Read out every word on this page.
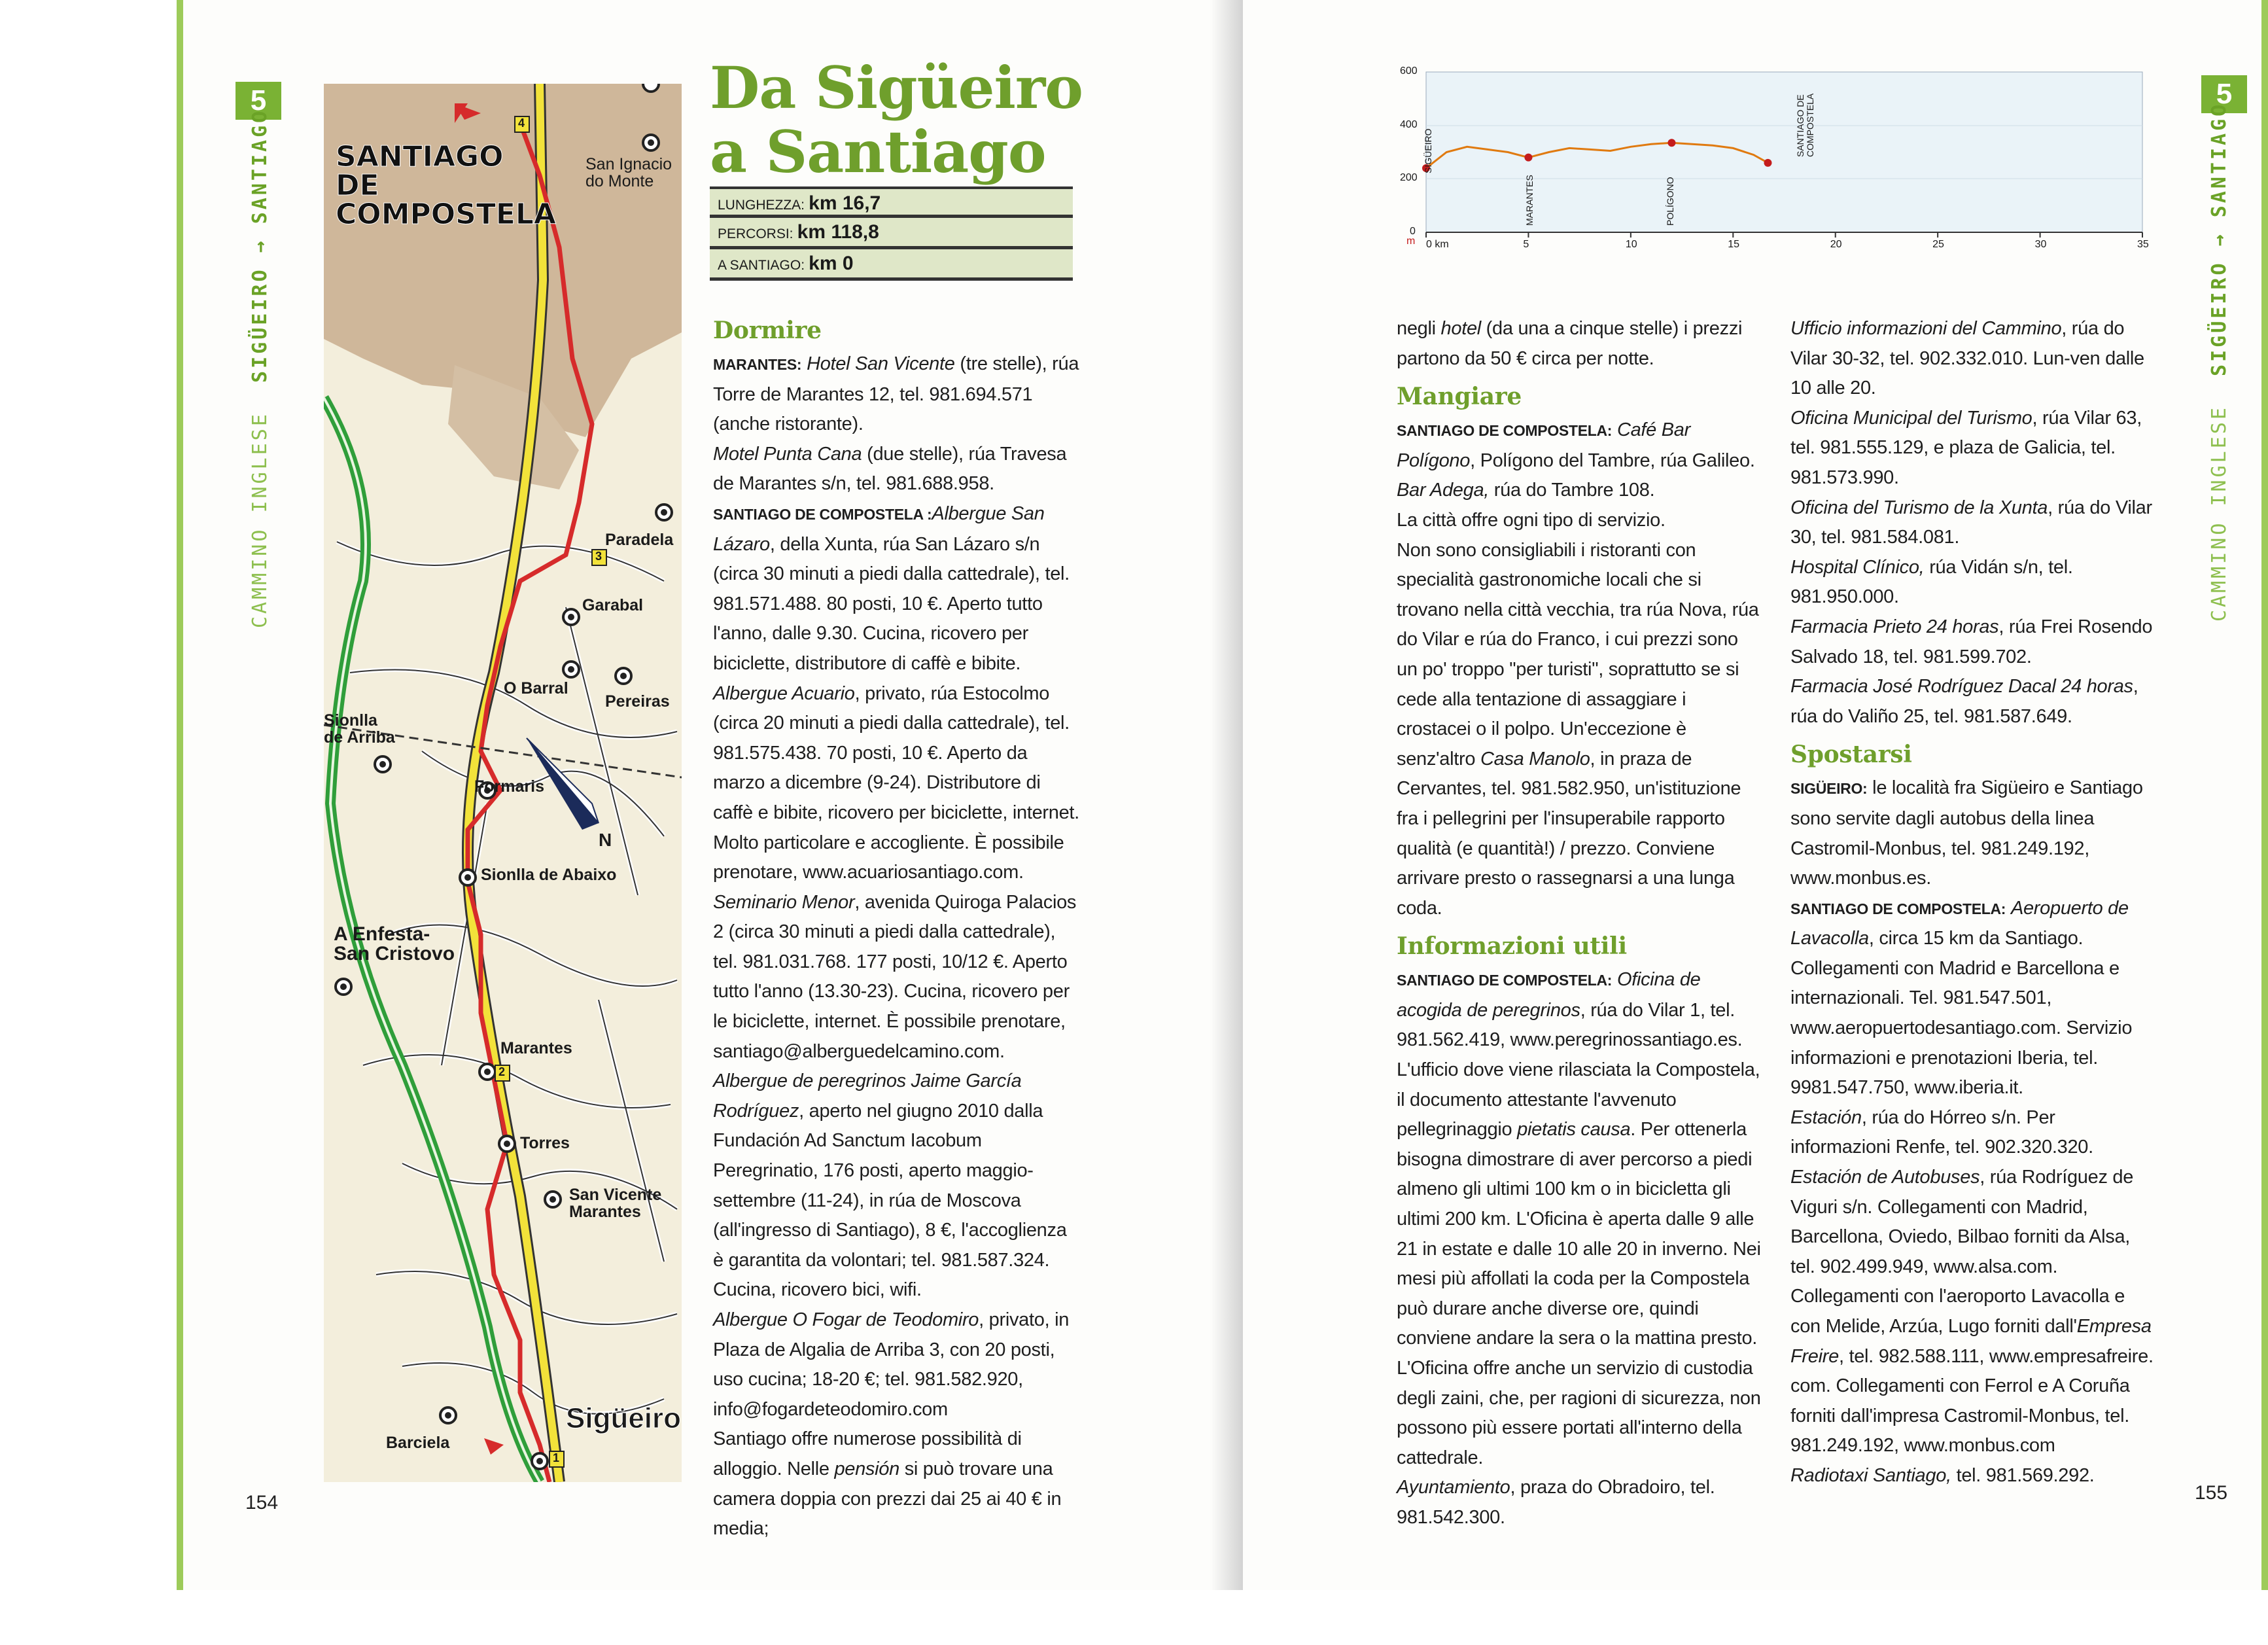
5
CAMMINO INGLESE  SIGÜEIRO → SANTIAGO SANTIAGO DE COMPOSTELA
San Ignacio do Monte
Paradela
Garabal
O Barral
Pereiras
Sionlla de Arriba
Formaris
Sionlla de Abaixo
A Enfesta- San Cristovo
Marantes
Torres
San Vicente Marantes
Barciela
Sigüeiro
N
4
3
2
1
154
Da Sigüeiro
a Santiago
LUNGHEZZA: km 16,7
PERCORSI: km 118,8
A SANTIAGO: km 0
Dormire
MARANTES: Hotel San Vicente (tre stelle), rúa Torre de Marantes 12, tel. 981.694.571 (anche ristorante).
Motel Punta Cana (due stelle), rúa Travesa de Marantes s/n, tel. 981.688.958.
SANTIAGO DE COMPOSTELA :Albergue San Lázaro, della Xunta, rúa San Lázaro s/n (circa 30 minuti a piedi dalla cattedrale), tel. 981.571.488. 80 posti, 10 €. Aperto tutto l'anno, dalle 9.30. Cucina, ricovero per biciclette, distributore di caffè e bibite.
Albergue Acuario, privato, rúa Estocolmo (circa 20 minuti a piedi dalla cattedrale), tel. 981.575.438. 70 posti, 10 €. Aperto da marzo a dicembre (9-24). Distributore di caffè e bibite, ricovero per biciclette, internet. Molto particolare e accogliente. È possibile prenotare, www.acuariosantiago.com.
Seminario Menor, avenida Quiroga Palacios 2 (circa 30 minuti a piedi dalla cattedrale), tel. 981.031.768. 177 posti, 10/12 €. Aperto tutto l'anno (13.30-23). Cucina, ricovero per le biciclette, internet. È possibile prenotare, santiago@alberguedelcamino.com.
Albergue de peregrinos Jaime García Rodríguez, aperto nel giugno 2010 dalla Fundación Ad Sanctum Iacobum Peregrinatio, 176 posti, aperto maggio-settembre (11-24), in rúa de Moscova (all'ingresso di Santiago), 8 €, l'accoglienza è garantita da volontari; tel. 981.587.324. Cucina, ricovero bici, wifi.
Albergue O Fogar de Teodomiro, privato, in Plaza de Algalia de Arriba 3, con 20 posti, uso cucina; 18-20 €; tel. 981.582.920, info@fogardeteodomiro.com
Santiago offre numerose possibilità di alloggio. Nelle pensión si può trovare una camera doppia con prezzi dai 25 ai 40 € in media;
5
CAMMINO INGLESE  SIGÜEIRO → SANTIAGO
600
400
200
0
m 0 km	5	10	15	20	25	30	35
SIGÜEIRO
MARANTES	POLÍGONO
SANTIAGO DE COMPOSTELA
negli hotel (da una a cinque stelle) i prezzi partono da 50 € circa per notte.
Mangiare
SANTIAGO DE COMPOSTELA: Café Bar Polígono, Polígono del Tambre, rúa Galileo.
Bar Adega, rúa do Tambre 108.
La città offre ogni tipo di servizio.
Non sono consigliabili i ristoranti con specialità gastronomiche locali che si trovano nella città vecchia, tra rúa Nova, rúa do Vilar e rúa do Franco, i cui prezzi sono un po' troppo "per turisti", soprattutto se si cede alla tentazione di assaggiare i crostacei o il polpo. Un'eccezione è senz'altro Casa Manolo, in praza de Cervantes, tel. 981.582.950, un'istituzione fra i pellegrini per l'insuperabile rapporto qualità (e quantità!) / prezzo. Conviene arrivare presto o rassegnarsi a una lunga coda.
Informazioni utili
SANTIAGO DE COMPOSTELA: Oficina de acogida de peregrinos, rúa do Vilar 1, tel. 981.562.419, www.peregrinossantiago.es.
L'ufficio dove viene rilasciata la Compostela, il documento attestante l'avvenuto pellegrinaggio pietatis causa. Per ottenerla bisogna dimostrare di aver percorso a piedi almeno gli ultimi 100 km o in bicicletta gli ultimi 200 km. L'Oficina è aperta dalle 9 alle 21 in estate e dalle 10 alle 20 in inverno. Nei mesi più affollati la coda per la Compostela può durare anche diverse ore, quindi conviene andare la sera o la mattina presto. L'Oficina offre anche un servizio di custodia degli zaini, che, per ragioni di sicurezza, non possono più essere portati all'interno della cattedrale.
Ayuntamiento, praza do Obradoiro, tel. 981.542.300.
Ufficio informazioni del Cammino, rúa do Vilar 30-32, tel. 902.332.010. Lun-ven dalle 10 alle 20.
Oficina Municipal del Turismo, rúa Vilar 63, tel. 981.555.129, e plaza de Galicia, tel. 981.573.990.
Oficina del Turismo de la Xunta, rúa do Vilar 30, tel. 981.584.081.
Hospital Clínico, rúa Vidán s/n, tel. 981.950.000.
Farmacia Prieto 24 horas, rúa Frei Rosendo Salvado 18, tel. 981.599.702.
Farmacia José Rodríguez Dacal 24 horas, rúa do Valiño 25, tel. 981.587.649.
Spostarsi
SIGÜEIRO: le località fra Sigüeiro e Santiago sono servite dagli autobus della linea Castromil-Monbus, tel. 981.249.192, www.monbus.es.
SANTIAGO DE COMPOSTELA: Aeropuerto de Lavacolla, circa 15 km da Santiago. Collegamenti con Madrid e Barcellona e internazionali. Tel. 981.547.501, www.aeropuertodesantiago.com. Servizio informazioni e prenotazioni Iberia, tel. 9981.547.750, www.iberia.it.
Estación, rúa do Hórreo s/n. Per informazioni Renfe, tel. 902.320.320.
Estación de Autobuses, rúa Rodríguez de Viguri s/n. Collegamenti con Madrid, Barcellona, Oviedo, Bilbao forniti da Alsa, tel. 902.499.949, www.alsa.com. Collegamenti con l'aeroporto Lavacolla e con Melide, Arzúa, Lugo forniti dall'Empresa Freire, tel. 982.588.111, www.empresafreire. com. Collegamenti con Ferrol e A Coruña forniti dall'impresa Castromil-Monbus, tel. 981.249.192, www.monbus.com
Radiotaxi Santiago, tel. 981.569.292.
155
